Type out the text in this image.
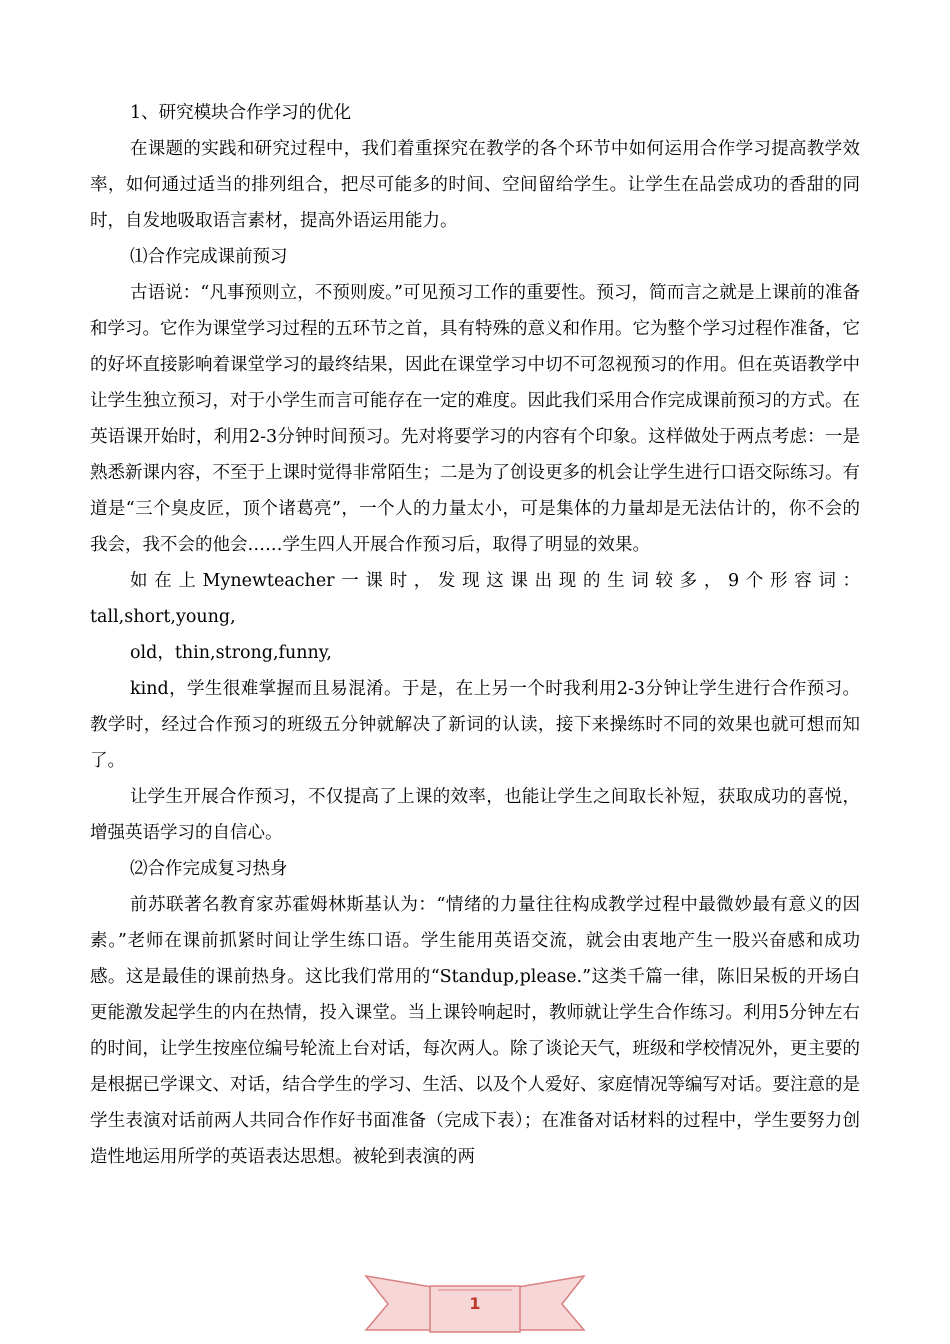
1、研究模块合作学习的优化

在课题的实践和研究过程中，我们着重探究在教学的各个环节中如何运用合作学习提高教学效率，如何通过适当的排列组合，把尽可能多的时间、空间留给学生。让学生在品尝成功的香甜的同时，自发地吸取语言素材，提高外语运用能力。

⑴合作完成课前预习

古语说：“凡事预则立，不预则废。”可见预习工作的重要性。预习，简而言之就是上课前的准备和学习。它作为课堂学习过程的五环节之首，具有特殊的意义和作用。它为整个学习过程作准备，它的好坏直接影响着课堂学习的最终结果，因此在课堂学习中切不可忽视预习的作用。但在英语教学中让学生独立预习，对于小学生而言可能存在一定的难度。因此我们采用合作完成课前预习的方式。在英语课开始时，利用2-3分钟时间预习。先对将要学习的内容有个印象。这样做处于两点考虑：一是熟悉新课内容，不至于上课时觉得非常陌生；二是为了创设更多的机会让学生进行口语交际练习。有道是“三个臭皮匠，顶个诸葛亮”，一个人的力量太小，可是集体的力量却是无法估计的，你不会的我会，我不会的他会……学生四人开展合作预习后，取得了明显的效果。

如在上Mynewteacher一课时，发现这课出现的生词较多，9个形容词：

tall,short,young,

old，thin,strong,funny,

kind，学生很难掌握而且易混淆。于是，在上另一个时我利用2-3分钟让学生进行合作预习。教学时，经过合作预习的班级五分钟就解决了新词的认读，接下来操练时不同的效果也就可想而知了。

让学生开展合作预习，不仅提高了上课的效率，也能让学生之间取长补短，获取成功的喜悦，增强英语学习的自信心。

⑵合作完成复习热身

前苏联著名教育家苏霍姆林斯基认为：“情绪的力量往往构成教学过程中最微妙最有意义的因素。”老师在课前抓紧时间让学生练口语。学生能用英语交流，就会由衷地产生一股兴奋感和成功感。这是最佳的课前热身。这比我们常用的“Standup,please.”这类千篇一律，陈旧呆板的开场白更能激发起学生的内在热情，投入课堂。当上课铃响起时，教师就让学生合作练习。利用5分钟左右的时间，让学生按座位编号轮流上台对话，每次两人。除了谈论天气，班级和学校情况外，更主要的是根据已学课文、对话，结合学生的学习、生活、以及个人爱好、家庭情况等编写对话。要注意的是学生表演对话前两人共同合作作好书面准备（完成下表）；在准备对话材料的过程中，学生要努力创造性地运用所学的英语表达思想。被轮到表演的两

1
